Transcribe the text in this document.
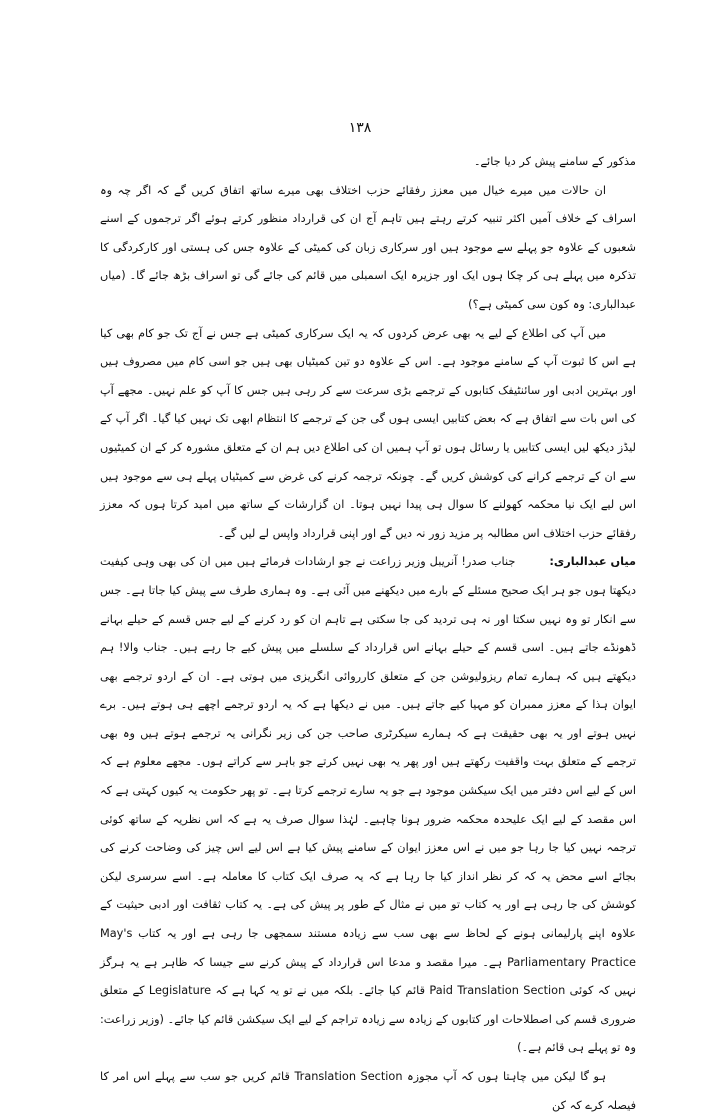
۱۳۸

مذکور کے سامنے پیش کر دیا جائے۔

ان حالات میں میرے خیال میں معزز رفقائے حزب اختلاف بھی میرے ساتھ اتفاق کریں گے کہ اگر چہ وہ اسراف کے خلاف آمیں اکثر تنبیہ کرتے رہتے ہیں تاہم آج ان کی قرارداد منظور کرتے ہوئے اگر ترجموں کے اسنے شعبوں کے علاوہ جو پہلے سے موجود ہیں اور سرکاری زبان کی کمیٹی کے علاوہ جس کی ہستی اور کارکردگی کا تذکرہ میں پہلے ہی کر چکا ہوں ایک اور جزیرہ ایک اسمبلی میں قائم کی جائے گی تو اسراف بڑھ جائے گا۔ (میاں عبدالباری: وہ کون سی کمیٹی ہے؟)

میں آپ کی اطلاع کے لیے یہ بھی عرض کردوں کہ یہ ایک سرکاری کمیٹی ہے جس نے آج تک جو کام بھی کیا ہے اس کا ثبوت آپ کے سامنے موجود ہے۔ اس کے علاوہ دو تین کمیٹیاں بھی ہیں جو اسی کام میں مصروف ہیں اور بہترین ادبی اور سائنٹیفک کتابوں کے ترجمے بڑی سرعت سے کر رہی ہیں جس کا آپ کو علم نہیں۔ مجھے آپ کی اس بات سے اتفاق ہے کہ بعض کتابیں ایسی ہوں گی جن کے ترجمے کا انتظام ابھی تک نہیں کیا گیا۔ اگر آپ کے لیڈز دیکھ لیں ایسی کتابیں یا رسائل ہوں تو آپ ہمیں ان کی اطلاع دیں ہم ان کے متعلق مشورہ کر کے ان کمیٹیوں سے ان کے ترجمے کرانے کی کوشش کریں گے۔ چونکہ ترجمہ کرنے کی غرض سے کمیٹیاں پہلے ہی سے موجود ہیں اس لیے ایک نیا محکمہ کھولنے کا سوال ہی پیدا نہیں ہوتا۔ ان گزارشات کے ساتھ میں امید کرتا ہوں کہ معزز رفقائے حزب اختلاف اس مطالبہ پر مزید زور نہ دیں گے اور اپنی قرارداد واپس لے لیں گے۔

میاں عبدالباری:جناب صدر! آنریبل وزیر زراعت نے جو ارشادات فرمائے ہیں میں ان کی بھی وہی کیفیت دیکھتا ہوں جو ہر ایک صحیح مسئلے کے بارے میں دیکھنے میں آئی ہے۔ وہ ہماری طرف سے پیش کیا جاتا ہے۔ جس سے انکار تو وہ نہیں سکتا اور نہ ہی تردید کی جا سکتی ہے تاہم ان کو رد کرنے کے لیے جس قسم کے حیلے بہانے ڈھونڈے جاتے ہیں۔ اسی قسم کے حیلے بہانے اس قرارداد کے سلسلے میں پیش کیے جا رہے ہیں۔ جناب والا! ہم دیکھتے ہیں کہ ہمارے تمام ریزولیوشن جن کے متعلق کارروائی انگریزی میں ہوتی ہے۔ ان کے اردو ترجمے بھی ایوان ہذا کے معزز ممبران کو مہیا کیے جاتے ہیں۔ میں نے دیکھا ہے کہ یہ اردو ترجمے اچھے ہی ہوتے ہیں۔ برے نہیں ہوتے اور یہ بھی حقیقت ہے کہ ہمارے سیکرٹری صاحب جن کی زیر نگرانی یہ ترجمے ہوتے ہیں وہ بھی ترجمے کے متعلق بہت واقفیت رکھتے ہیں اور پھر یہ بھی نہیں کرتے جو باہر سے کراتے ہوں۔ مجھے معلوم ہے کہ اس کے لیے اس دفتر میں ایک سیکشن موجود ہے جو یہ سارے ترجمے کرتا ہے۔ تو پھر حکومت یہ کیوں کہتی ہے کہ اس مقصد کے لیے ایک علیحدہ محکمہ ضرور ہونا چاہیے۔ لہٰذا سوال صرف یہ ہے کہ اس نظریہ کے ساتھ کوئی ترجمہ نہیں کیا جا رہا جو میں نے اس معزز ایوان کے سامنے پیش کیا ہے اس لیے اس چیز کی وضاحت کرنے کی بجائے اسے محض یہ کہ کر نظر انداز کیا جا رہا ہے کہ یہ صرف ایک کتاب کا معاملہ ہے۔ اسے سرسری لیکن کوشش کی جا رہی ہے اور یہ کتاب تو میں نے مثال کے طور پر پیش کی ہے۔ یہ کتاب ثقافت اور ادبی حیثیت کے علاوہ اپنے پارلیمانی ہونے کے لحاظ سے بھی سب سے زیادہ مستند سمجھی جا رہی ہے اور یہ کتاب May's Parliamentary Practice ہے۔ میرا مقصد و مدعا اس قرارداد کے پیش کرنے سے جیسا کہ ظاہر ہے یہ ہرگز نہیں کہ کوئی Paid Translation Section قائم کیا جائے۔ بلکہ میں نے تو یہ کہا ہے کہ Legislature کے متعلق ضروری قسم کی اصطلاحات اور کتابوں کے زیادہ سے زیادہ تراجم کے لیے ایک سیکشن قائم کیا جائے۔ (وزیر زراعت: وہ تو پہلے ہی قائم ہے۔)

ہو گا لیکن میں چاہتا ہوں کہ آپ مجوزہ Translation Section قائم کریں جو سب سے پہلے اس امر کا فیصلہ کرے کہ کن
